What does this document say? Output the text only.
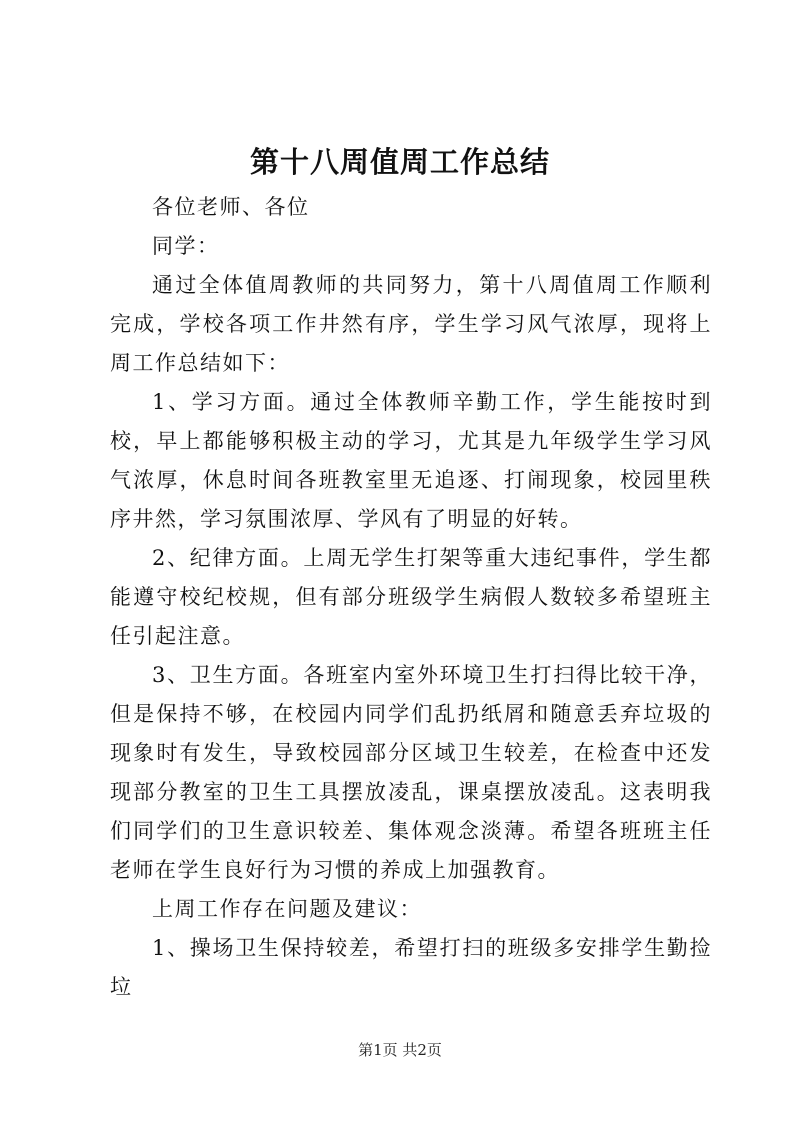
第十八周值周工作总结

各位老师、各位

同学：

通过全体值周教师的共同努力，第十八周值周工作顺利完成，学校各项工作井然有序，学生学习风气浓厚，现将上周工作总结如下：

1、学习方面。通过全体教师辛勤工作，学生能按时到校，早上都能够积极主动的学习，尤其是九年级学生学习风气浓厚，休息时间各班教室里无追逐、打闹现象，校园里秩序井然，学习氛围浓厚、学风有了明显的好转。

2、纪律方面。上周无学生打架等重大违纪事件，学生都能遵守校纪校规，但有部分班级学生病假人数较多希望班主任引起注意。

3、卫生方面。各班室内室外环境卫生打扫得比较干净，但是保持不够，在校园内同学们乱扔纸屑和随意丢弃垃圾的现象时有发生，导致校园部分区域卫生较差，在检查中还发现部分教室的卫生工具摆放凌乱，课桌摆放凌乱。这表明我们同学们的卫生意识较差、集体观念淡薄。希望各班班主任老师在学生良好行为习惯的养成上加强教育。

上周工作存在问题及建议：

1、操场卫生保持较差，希望打扫的班级多安排学生勤捡垃

第1页 共2页
